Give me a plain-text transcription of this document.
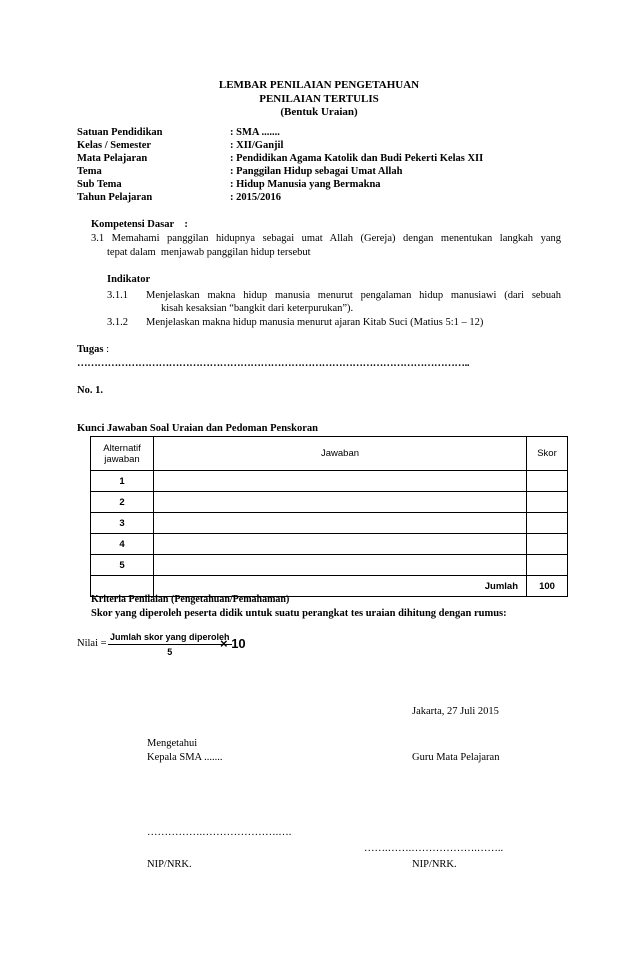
LEMBAR PENILAIAN PENGETAHUAN
PENILAIAN TERTULIS
(Bentuk Uraian)
Satuan Pendidikan	: SMA .......
Kelas / Semester	: XII/Ganjil
Mata Pelajaran	: Pendidikan Agama Katolik dan Budi Pekerti Kelas XII
Tema	: Panggilan Hidup sebagai Umat Allah
Sub Tema	: Hidup Manusia yang Bermakna
Tahun Pelajaran	: 2015/2016
Kompetensi Dasar    :
3.1 Memahami panggilan hidupnya sebagai umat Allah (Gereja) dengan menentukan langkah yang
tepat dalam  menjawab panggilan hidup tersebut
Indikator
3.1.1 Menjelaskan makna hidup manusia menurut pengalaman hidup manusiawi (dari sebuah
kisah kesaksian “bangkit dari keterpurukan”).
3.1.2 Menjelaskan makna hidup manusia menurut ajaran Kitab Suci (Matius 5:1 – 12)
Tugas :
……………………………………………………………………………………………………..
No. 1.
Kunci Jawaban Soal Uraian dan Pedoman Penskoran
Alternatif jawaban	Jawaban	Skor
1		
2		
3		
4		
5		
	Jumlah	100
Kriteria Penilaian (Pengetahuan/Pemahaman)
Skor yang diperoleh peserta didik untuk suatu perangkat tes uraian dihitung dengan rumus:
Nilai =
Jumlah skor yang diperoleh
5
× 10
Jakarta, 27 Juli 2015
Mengetahui
Kepala SMA .......	Guru Mata Pelajaran
…………….………………….….
…….…….……………….……..
NIP/NRK.	NIP/NRK.
